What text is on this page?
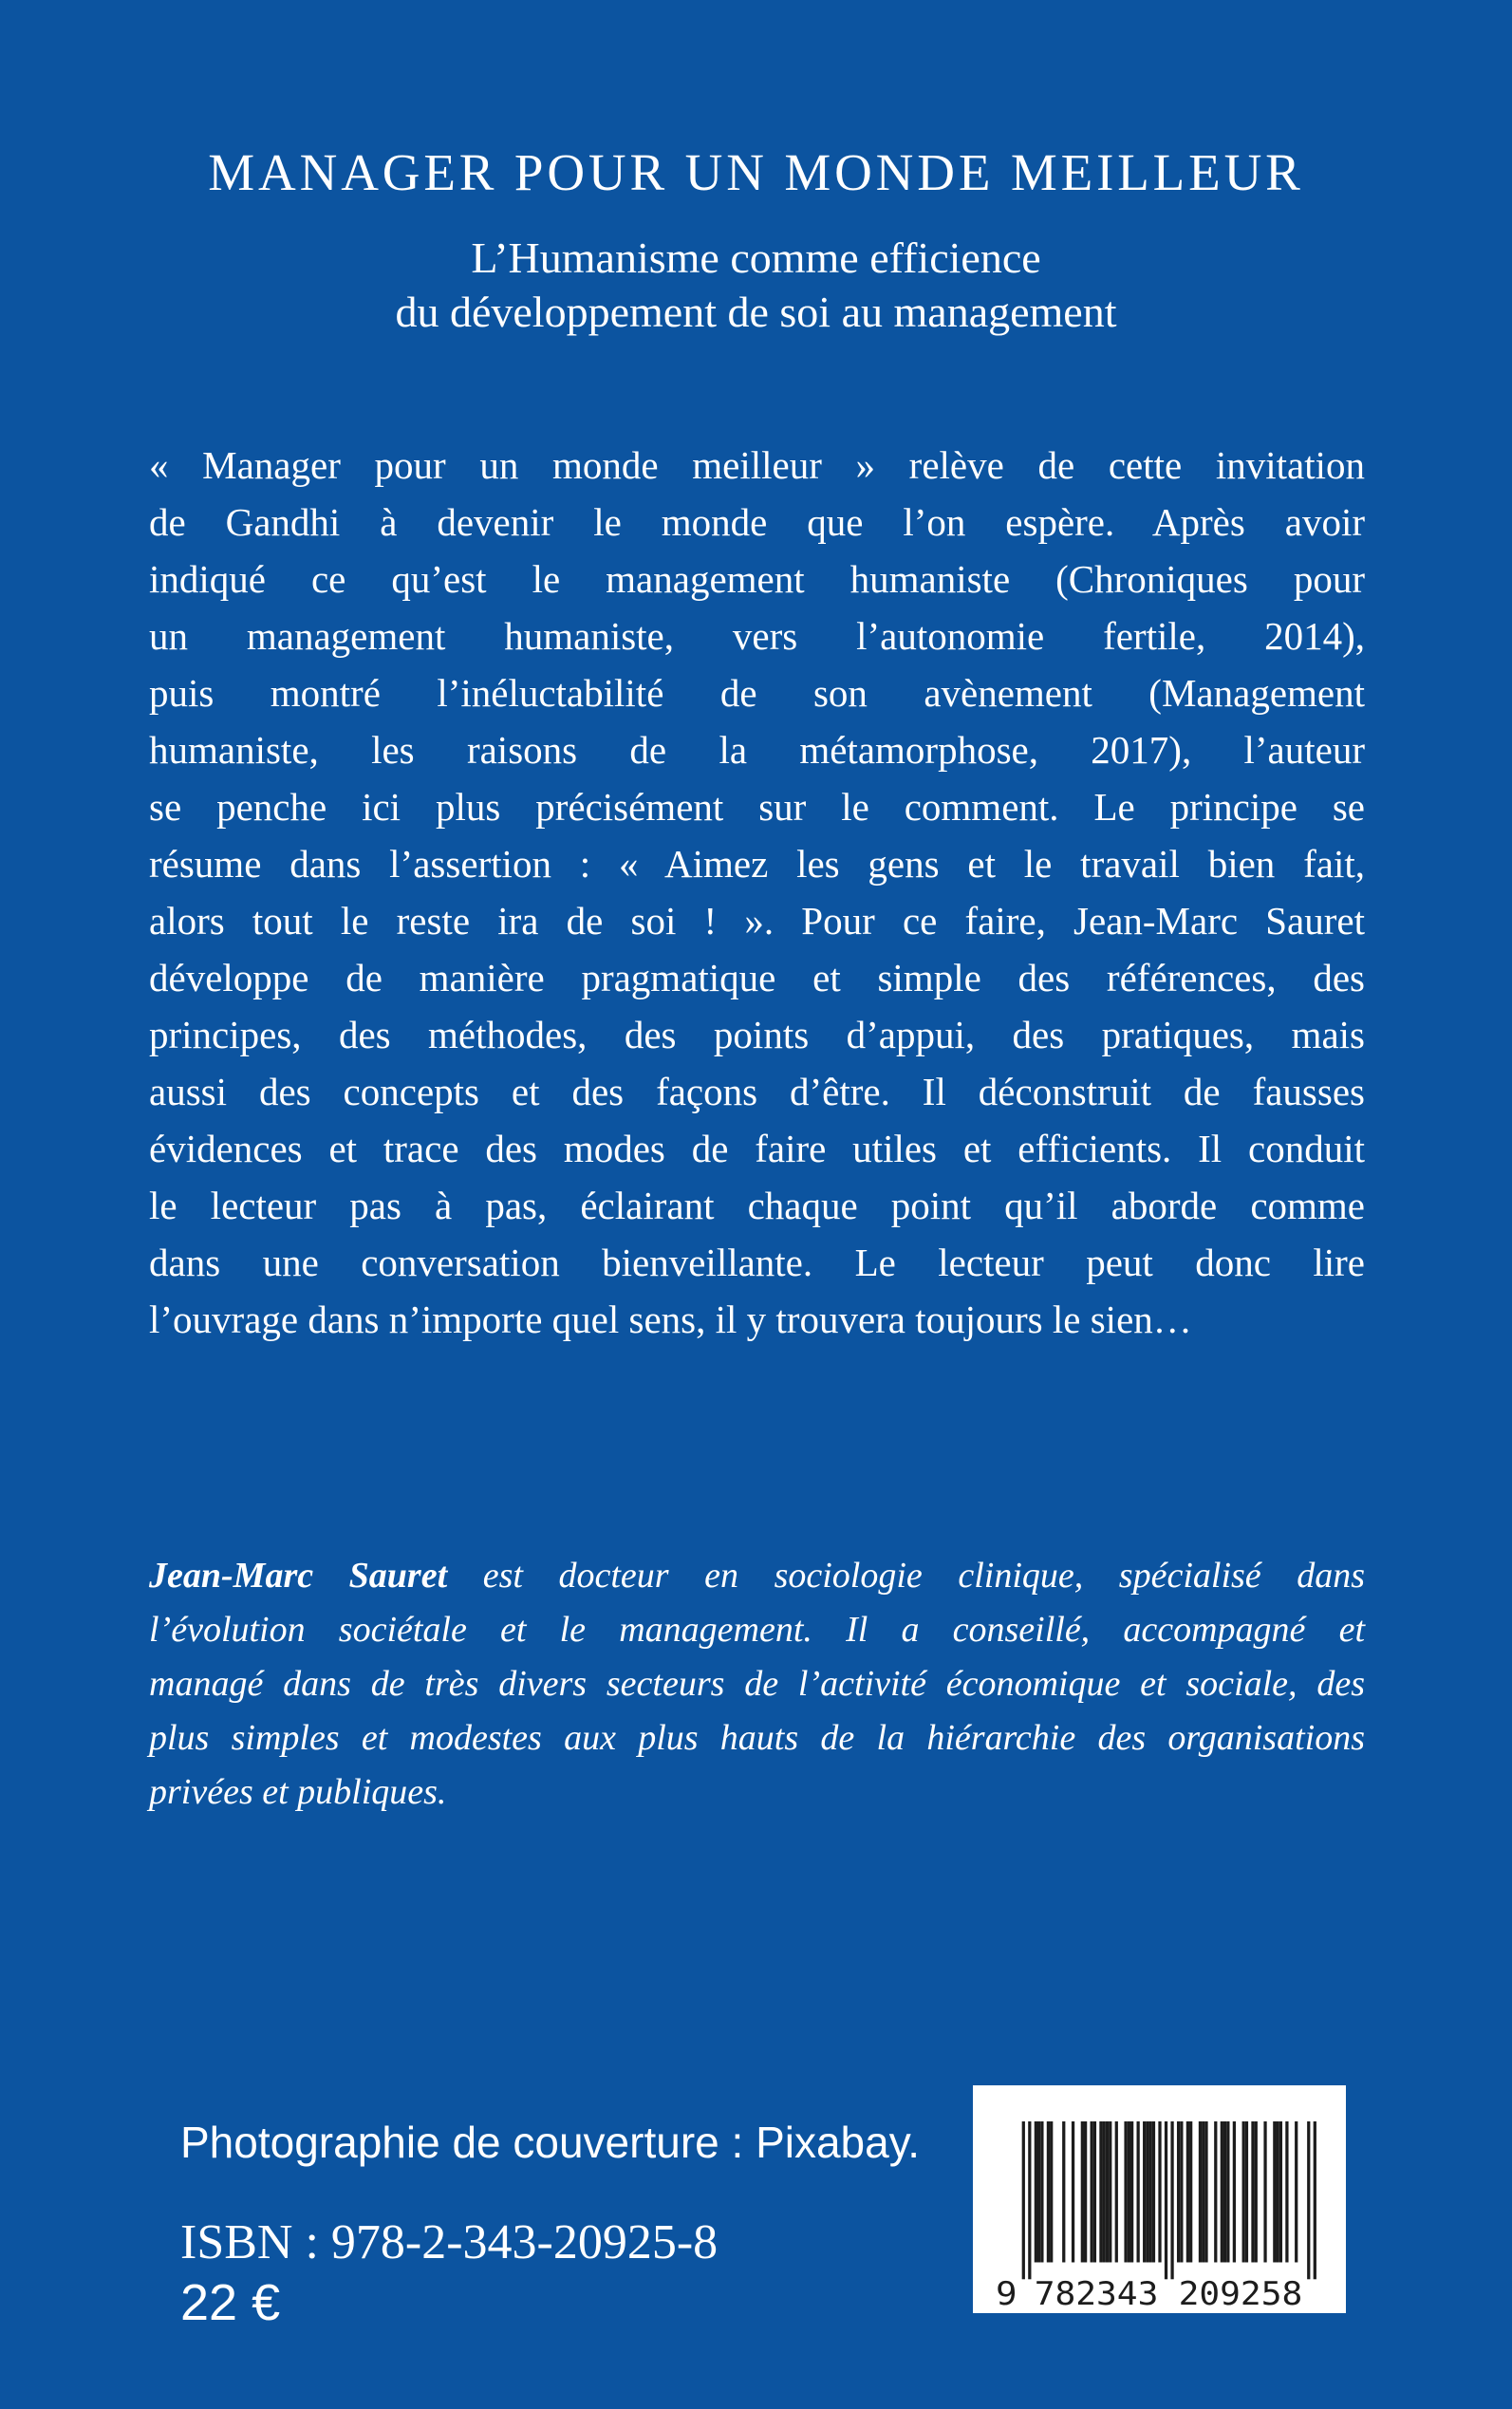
MANAGER POUR UN MONDE MEILLEUR
L’Humanisme comme efficience
du développement de soi au management
« Manager pour un monde meilleur » relève de cette invitation
de Gandhi à devenir le monde que l’on espère. Après avoir
indiqué ce qu’est le management humaniste (Chroniques pour
un management humaniste, vers l’autonomie fertile, 2014),
puis montré l’inéluctabilité de son avènement (Management
humaniste, les raisons de la métamorphose, 2017), l’auteur
se penche ici plus précisément sur le comment. Le principe se
résume dans l’assertion : « Aimez les gens et le travail bien fait,
alors tout le reste ira de soi ! ». Pour ce faire, Jean-Marc Sauret
développe de manière pragmatique et simple des références, des
principes, des méthodes, des points d’appui, des pratiques, mais
aussi des concepts et des façons d’être. Il déconstruit de fausses
évidences et trace des modes de faire utiles et efficients. Il conduit
le lecteur pas à pas, éclairant chaque point qu’il aborde comme
dans une conversation bienveillante. Le lecteur peut donc lire
l’ouvrage dans n’importe quel sens, il y trouvera toujours le sien…
Jean-Marc Sauret est docteur en sociologie clinique, spécialisé dans
l’évolution sociétale et le management. Il a conseillé, accompagné et
managé dans de très divers secteurs de l’activité économique et sociale, des
plus simples et modestes aux plus hauts de la hiérarchie des organisations
privées et publiques.
Photographie de couverture : Pixabay.
ISBN : 978-2-343-20925-8
22 €	9 782343 209258
